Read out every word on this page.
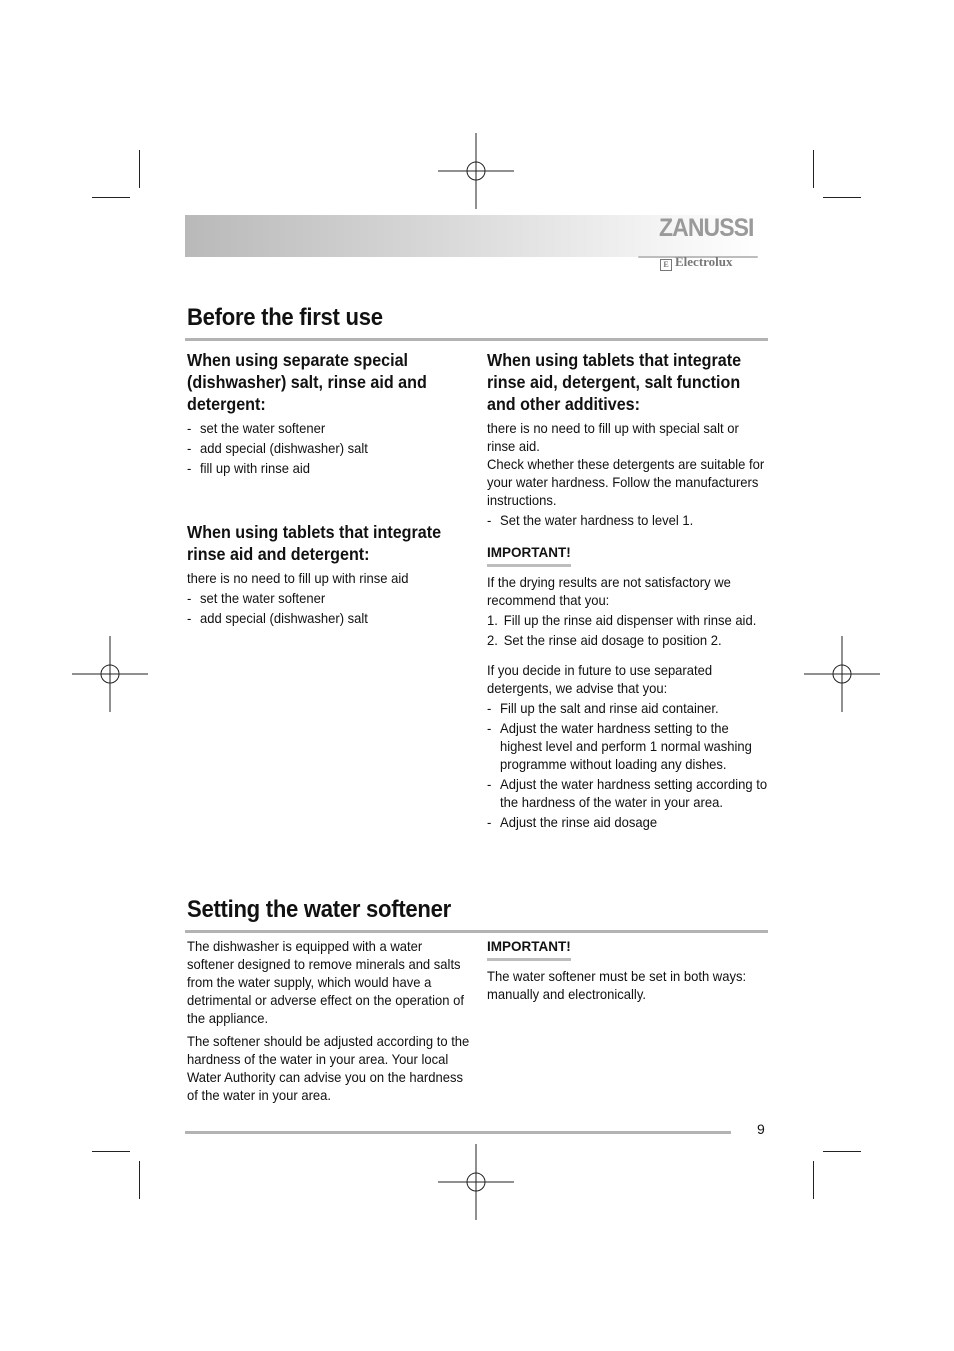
ZANUSSI
E Electrolux
Before the first use
When using separate special (dishwasher) salt, rinse aid and detergent:
- set the water softener
- add special (dishwasher) salt
- fill up with rinse aid
When using tablets that integrate rinse aid and detergent:

there is no need to fill up with rinse aid

- set the water softener
- add special (dishwasher) salt
When using tablets that integrate rinse aid, detergent, salt function and other additives:

there is no need to fill up with special salt or rinse aid.

Check whether these detergents are suitable for your water hardness. Follow the manufacturers instructions.

- Set the water hardness to level 1.
IMPORTANT!

If the drying results are not satisfactory we recommend that you:

1. Fill up the rinse aid dispenser with rinse aid.
2. Set the rinse aid dosage to position 2.

If you decide in future to use separated detergents, we advise that you:

- Fill up the salt and rinse aid container.
- Adjust the water hardness setting to the highest level and perform 1 normal washing programme without loading any dishes.
- Adjust the water hardness setting according to the hardness of the water in your area.
- Adjust the rinse aid dosage
Setting the water softener

The dishwasher is equipped with a water softener designed to remove minerals and salts from the water supply, which would have a detrimental or adverse effect on the operation of the appliance.

The softener should be adjusted according to the hardness of the water in your area. Your local Water Authority can advise you on the hardness of the water in your area.

IMPORTANT!

The water softener must be set in both ways: manually and electronically.

9
